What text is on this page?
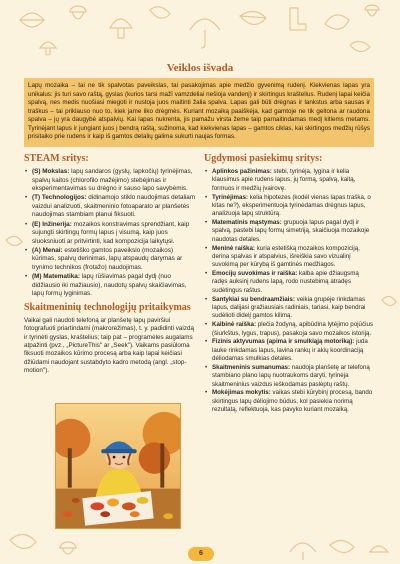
Veiklos išvada
Lapų mozaika – tai ne tik spalvotas paveikslas, tai pasakojimas apie medžio gyvenimą rudenį. Kiekvienas lapas yra unikalus: jis turi savo raštą, gyslas (kurios tarsi mažī vamzdeliai nešioja vandenį) ir skirtingus kraštelius. Rudenį lapai keičia spalvą, nes medis nuošiasi miegoti ir nustoja juos maitinti žalia spalva. Lapas gali būti drėgnas ir lankstus arba sausas ir traškus – tai priklauso nuo to, kiek jame liko drėgmės. Kuriant mozaiką paaiškėja, kad gamtoje ne tik geltona ar raudona spalva – jų yra daugybė atspalvių. Kai lapas nukrenta, jis pamažu virsta žeme taip parnaitindamas medį kitiems metams. Tyrinėjant lapus ir jungiant juos į bendrą raštą, sužinoma, kad kiekvienas lapas – gamtos ciklas, kai skirtingos medžių rūšys prisitaiko prie rudens ir kaip iš gamtos detalių galima sukurti naujas formas.
STEAM sritys:
• (S) Mokslas: lapų sandaros (gyslų, lapkočių) tyrinėjimas, spalvų kaitos (chlorofilo mažėjimo) stebėjimas ir eksperimentavimas su drėgno ir sauso lapo savybėmis.
• (T) Technologijos: didinamojo stiklo naudojimas detaliam vaizdui analizuoti, skaitmeninio fotoaparato ar planšetės naudojimas stambiam planui fiksuoti.
• (E) Inžinerija: mozaikos konstravimas sprendžiant, kaip sujungti skirtingų formų lapus į visumą, kaip juos sluoksniuoti ar pritvirtinti, kad kompozicija laikytųsi.
• (A) Menai: estetiško gamtos paveikslo (mozaikos) kūrimas, spalvų derinimas, lapų atspaudų darymas ar trynimo technikos (frotažo) naudojimas.
• (M) Matematika: lapų rūšiavimas pagal dydį (nuo didžiausio iki mažiausio), naudotų spalvų skaičiavimas, lapų formų lyginimas.
Skaitmeninių technologijų pritaikymas

Vaikai gali naudoti telefoną ar planšetę lapų paviršiui fotografuoti priartindami (makrorežimas), t. y. padidinti vaizdą ir tyrinėti gyslas, kraštelius; taip pat – programėles augalams atpažinti (pvz., „PictureThis" ar „Seek"). Vaikams pasiūloma fiksuoti mozaikos kūrimo procesą arba kaip lapai keičiasi džiūdami naudojant sustabdyto kadro metodą (angl. „stop-motion").

Ugdymosi pasiekimų sritys:
• Aplinkos pažinimas: stebi, tyrinėja, lygina ir kelia klausimus apie rudens lapus, jų formą, spalvą, kaitą, formuos ir medžių įvairovę.
• Tyrinėjimas: kelia hipotezes (kodėl vienas lapas traška, o kitas ne?), eksperimentuoja tyrinėdamas drėgnus lapus, analizuoja lapų struktūrą.
• Matematinis mąstymas: grupuoja lapus pagal dydį ir spalvą, pastebi lapų formų simetriją, skaičiuoja mozaikoje naudotas detales.
• Meninė raiška: kuria estetišką mozaikos kompoziciją, derina spalvas ir atspalvius, išreiškia savo vizualinį suvokimą per kūrybą iš gamtinės medžiagos.
• Emocijų suvokimas ir raiška: kalba apie džiaugsmą radęs auksinį rudens lapą, rodo nustebimą atradęs sudėtingus raštus.
• Santykiai su bendraamžiais: veikia grupėje rinkdamas lapus, dalijasi gražiausiais radiniais, tariasi, kaip bendrai sudėlioti didelį gamtos kilimą.
• Kalbinė raiška: plečia žodyną, apibūdina lytėjimo pojūčius (šiurkštus, lygus, trapus), pasakoja savo mozaikos istoriją.
• Fizinis aktyvumas (apima ir smulkiąją motoriką): juda lauke rinkdamas lapus, lavina rankų ir akių koordinaciją dėliodamas smulkias detales.
• Skaitmeninis sumanumas: naudoja planšetę ar telefoną stambiano plano lapų nuotraukoms daryti, tyrinėja skaitmeninius vaizdus ieškodamas paslėptų raštų.
• Mokėjimas mokytis: vaikas stebi kūrybinį procesą, bando skirtingus lapų dėliojimo būdus, kol pasiekia norimą rezultatą, reflektuoja, kas pavyko kuriant mozaiką.
6
